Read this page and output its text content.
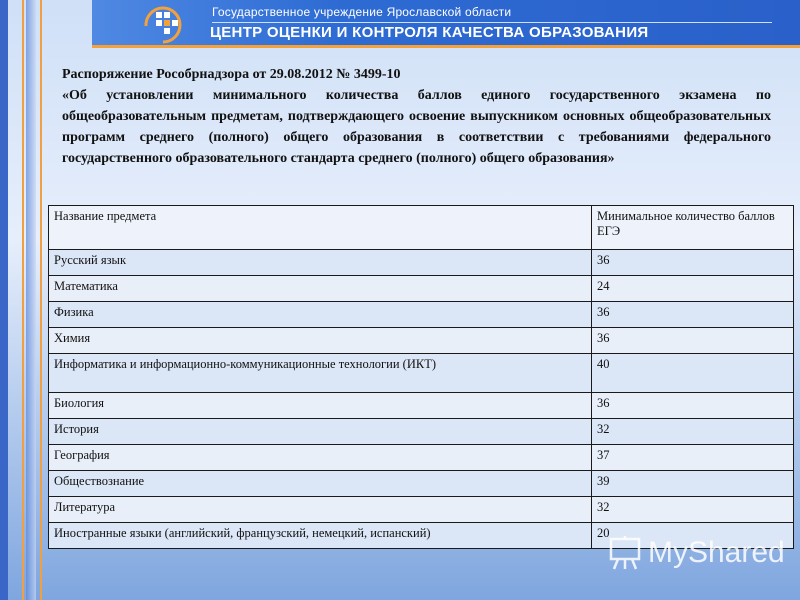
Государственное учреждение Ярославской области
ЦЕНТР ОЦЕНКИ И КОНТРОЛЯ КАЧЕСТВА ОБРАЗОВАНИЯ
Распоряжение Рособрнадзора от 29.08.2012 № 3499-10
«Об установлении минимального количества баллов единого государственного экзамена по общеобразовательным предметам, подтверждающего освоение выпускником основных общеобразовательных программ среднего (полного) общего образования в соответствии с требованиями федерального государственного образовательного стандарта среднего (полного) общего образования»
Название предмета	Минимальное количество баллов ЕГЭ
Русский язык	36
Математика	24
Физика	36
Химия	36
Информатика и информационно-коммуникационные технологии (ИКТ)	40
Биология	36
История	32
География	37
Обществознание	39
Литература	32
Иностранные языки (английский, французский, немецкий, испанский)	20
MyShared
